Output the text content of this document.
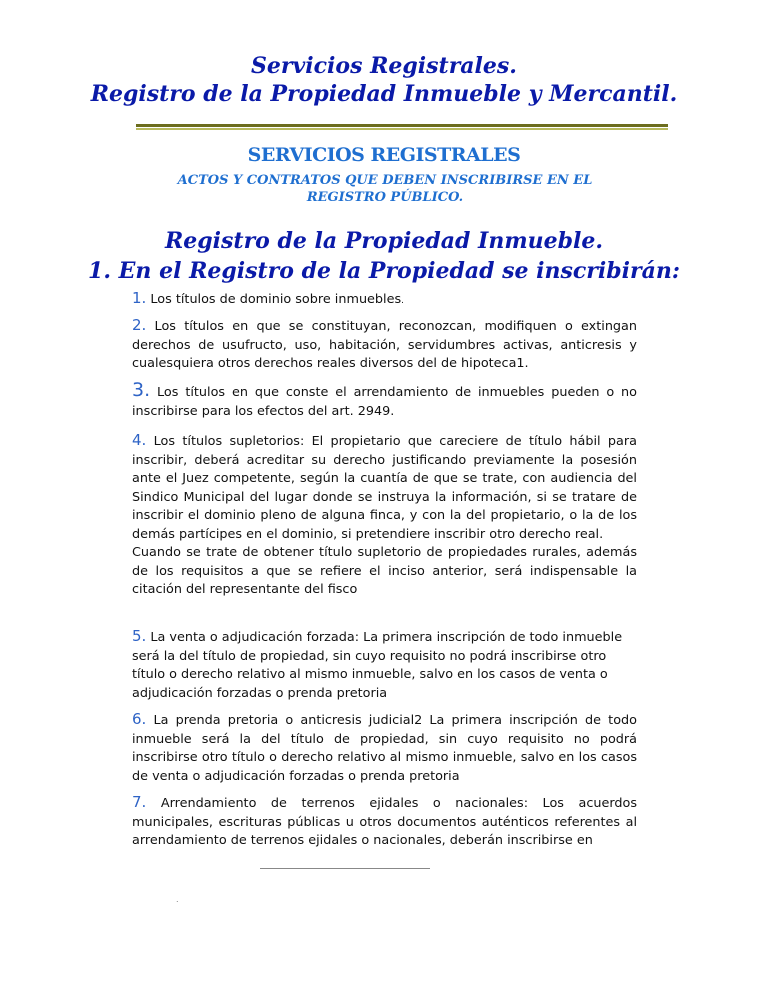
Servicios Registrales.
Registro de la Propiedad Inmueble y Mercantil.
SERVICIOS REGISTRALES

ACTOS Y CONTRATOS QUE DEBEN INSCRIBIRSE EN EL REGISTRO PÚBLICO.

Registro de la Propiedad Inmueble.
1. En el Registro de la Propiedad se inscribirán:

1. Los títulos de dominio sobre inmuebles.

2. Los títulos en que se constituyan, reconozcan, modifiquen o extingan derechos de usufructo, uso, habitación, servidumbres activas, anticresis y cualesquiera otros derechos reales diversos del de hipoteca1.

3. Los títulos en que conste el arrendamiento de inmuebles pueden o no inscribirse para los efectos del art. 2949.

4. Los títulos supletorios: El propietario que careciere de título hábil para inscribir, deberá acreditar su derecho justificando previamente la posesión ante el Juez competente, según la cuantía de que se trate, con audiencia del Sindico Municipal del lugar donde se instruya la información, si se tratare de inscribir el dominio pleno de alguna finca, y con la del propietario, o la de los demás partícipes en el dominio, si pretendiere inscribir otro derecho real.
Cuando se trate de obtener título supletorio de propiedades rurales, además de los requisitos a que se refiere el inciso anterior, será indispensable la citación del representante del fisco

5. La venta o adjudicación forzada: La primera inscripción de todo inmueble será la del título de propiedad, sin cuyo requisito no podrá inscribirse otro título o derecho relativo al mismo inmueble, salvo en los casos de venta o adjudicación forzadas o prenda pretoria

6. La prenda pretoria o anticresis judicial2 La primera inscripción de todo inmueble será la del título de propiedad, sin cuyo requisito no podrá inscribirse otro título o derecho relativo al mismo inmueble, salvo en los casos de venta o adjudicación forzadas o prenda pretoria

7. Arrendamiento de terrenos ejidales o nacionales: Los acuerdos municipales, escrituras públicas u otros documentos auténticos referentes al arrendamiento de terrenos ejidales o nacionales, deberán inscribirse en

.
